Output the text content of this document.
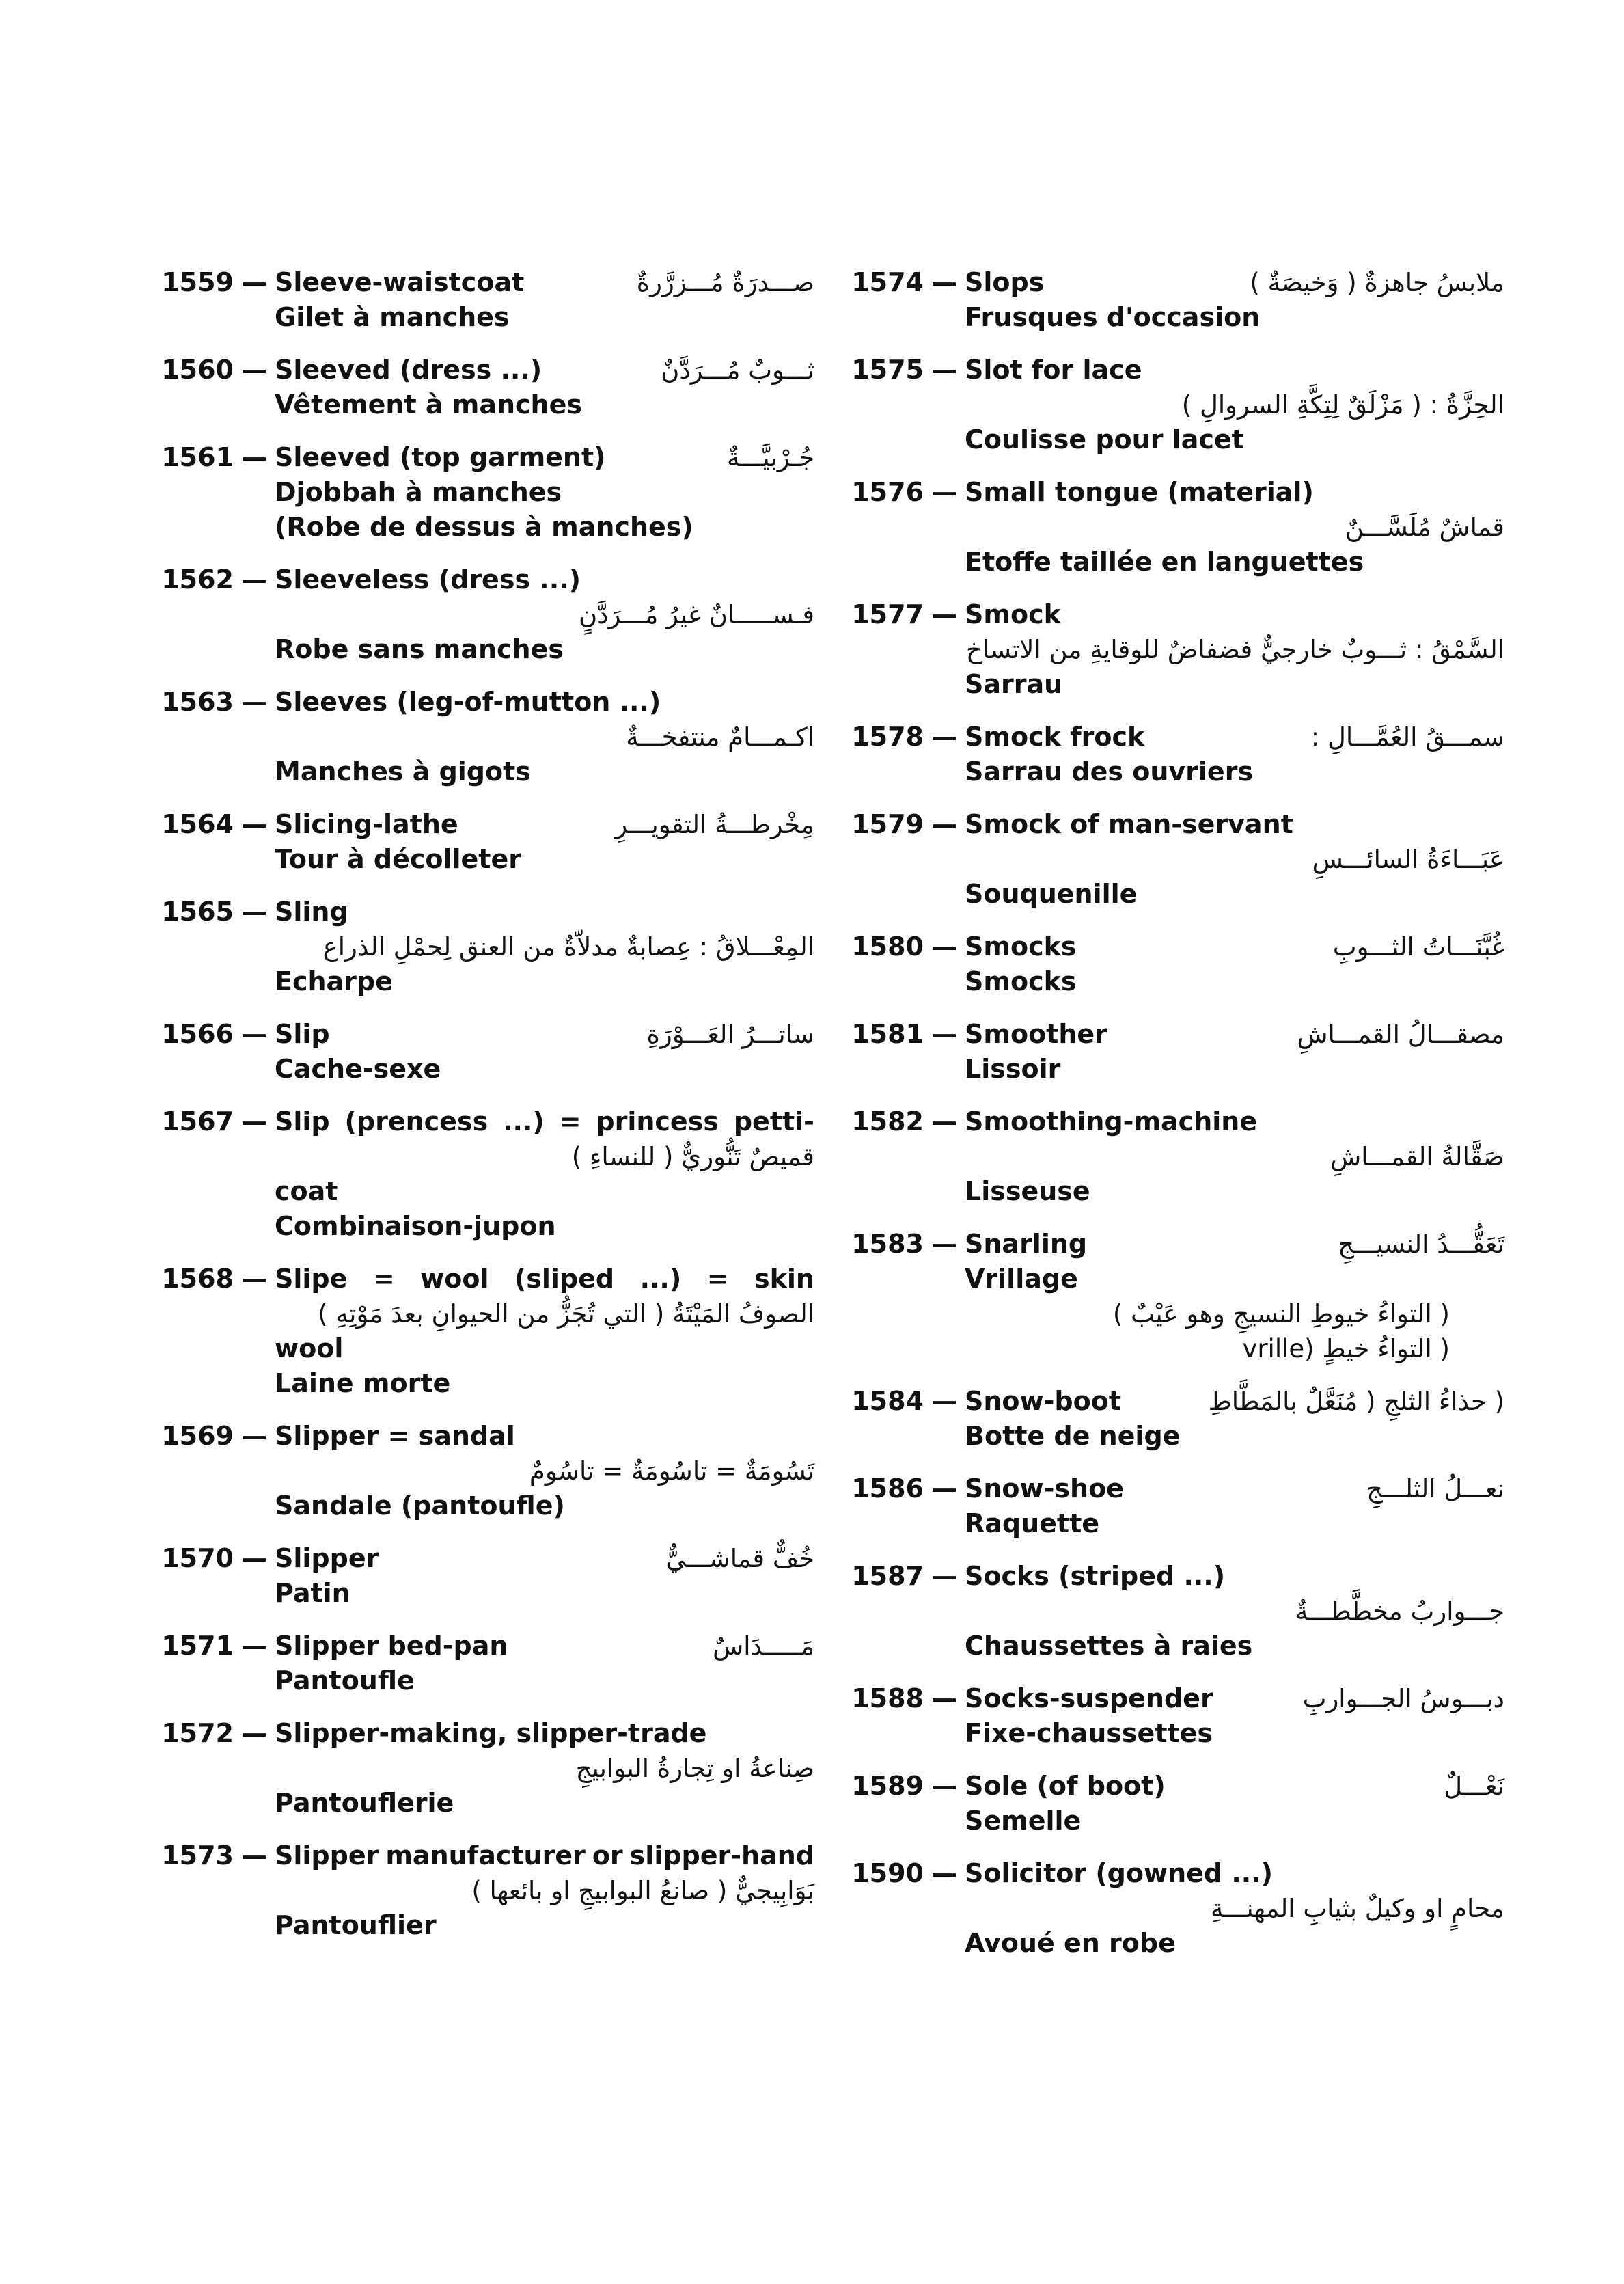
1559 — Sleeve-waistcoat	صـــدرَةٌ مُـــزرَّرةٌ
Gilet à manches
1560 — Sleeved (dress ...)	ثـــوبٌ مُـــرَدَّنٌ
Vêtement à manches
1561 — Sleeved (top garment)	جُـرْبيَّـــةٌ
Djobbah à manches
(Robe de dessus à manches)
1562 — Sleeveless (dress ...)
فـســـــانٌ غيرُ مُـــرَدَّنٍ
Robe sans manches
1563 — Sleeves (leg-of-mutton ...)
اكـمـــامٌ منتفخـــةٌ
Manches à gigots
1564 — Slicing-lathe	مِخْرطـــةُ التقويـــرِ
Tour à décolleter
1565 — Sling
المِعْـــلاقُ : عِصابةٌ مدلاّةٌ من العنق لِحمْلِ الذراع
Echarpe
1566 — Slip	ساتـــرُ العَـــوْرَةِ
Cache-sexe
1567 — Slip (prencess ...) = princess petti-
قميصٌ تَنُّوريٌّ ( للنساءِ )
coat
Combinaison-jupon
1568 — Slipe = wool (sliped ...) = skin
الصوفُ المَيْتَةُ ( التي تُجَزُّ من الحيوانِ بعدَ مَوْتِهِ )
wool
Laine morte
1569 — Slipper = sandal
تَسُومَةٌ = تاسُومَةٌ = تاسُومٌ
Sandale (pantoufle)
1570 — Slipper	خُفٌّ قماشـــيٌّ
Patin
1571 — Slipper bed-pan	مَـــــدَاسٌ
Pantoufle
1572 — Slipper-making, slipper-trade
صِناعةُ او تِجارةُ البوابيجِ
Pantouflerie
1573 — Slipper manufacturer or slipper-hand
بَوَابِيجيٌّ ( صانعُ البوابيجِ او بائعها )
Pantouflier
1574 — Slops	ملابسُ جاهزةٌ ( وَخيصَةٌ )
Frusques d'occasion
1575 — Slot for lace
الحِزَّةُ : ( مَزْلَقٌ لِتِكَّةِ السروالِ )
Coulisse pour lacet
1576 — Small tongue (material)
قماشٌ مُلَسَّـــنٌ
Etoffe taillée en languettes
1577 — Smock
السَّمْقُ : ثـــوبٌ خارجيٌّ فضفاضٌ للوقايةِ من الاتساخ
Sarrau
1578 — Smock frock	سمـــقُ العُمَّـــالِ :
Sarrau des ouvriers
1579 — Smock of man-servant
عَبَـــاءَةُ السائـــسِ
Souquenille
1580 — Smocks	غُبَّنَـــاتُ الثـــوبِ
Smocks
1581 — Smoother	مصقـــالُ القمـــاشِ
Lissoir
1582 — Smoothing-machine
صَقَّالةُ القمـــاشِ
Lisseuse
1583 — Snarling	تَعَقُّـــدُ النسيـــجِ
Vrillage
( التواءُ خيوطِ النسيجِ وهو عَيْبٌ )
( التواءُ خيطٍ (vrille
1584 — Snow-boot	( حذاءُ الثلجِ ( مُنَعَّلٌ بالمَطَّاطِ
Botte de neige
1586 — Snow-shoe	نعـــلُ الثلـــجِ
Raquette
1587 — Socks (striped ...)
جـــواربُ مخطَّطـــةٌ
Chaussettes à raies
1588 — Socks-suspender	دبـــوسُ الجـــواربِ
Fixe-chaussettes
1589 — Sole (of boot)	نَعْـــلٌ
Semelle
1590 — Solicitor (gowned ...)
محامٍ او وكيلٌ بثيابِ المهنـــةِ
Avoué en robe
